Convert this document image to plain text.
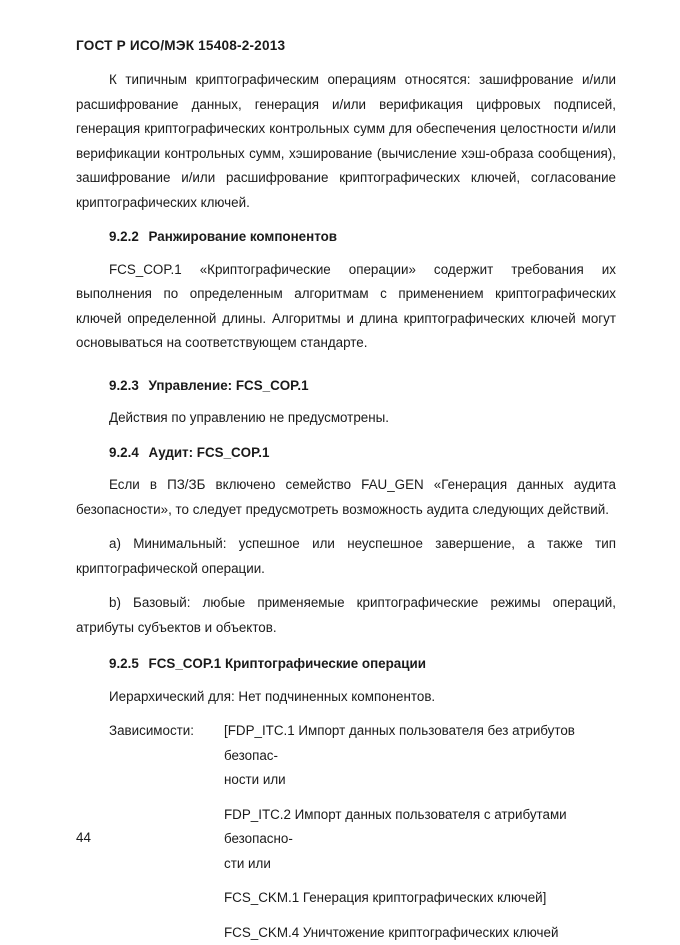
ГОСТ Р ИСО/МЭК 15408-2-2013

К типичным криптографическим операциям относятся: зашифрование и/или расшифрование данных, генерация и/или верификация цифровых подписей, генерация криптографических контрольных сумм для обеспечения целостности и/или верификации контрольных сумм, хэширование (вычисление хэш-образа сообщения), зашифрование и/или расшифрование криптографических ключей, согласование криптографических ключей.

9.2.2 Ранжирование компонентов

FCS_COP.1 «Криптографические операции» содержит требования их выполнения по определенным алгоритмам с применением криптографических ключей определенной длины. Алгоритмы и длина криптографических ключей могут основываться на соответствующем стандарте.

9.2.3 Управление: FCS_COP.1

Действия по управлению не предусмотрены.

9.2.4 Аудит: FCS_COP.1

Если в ПЗ/ЗБ включено семейство FAU_GEN «Генерация данных аудита безопасности», то следует предусмотреть возможность аудита следующих действий.

a) Минимальный: успешное или неуспешное завершение, а также тип криптографической операции.

b) Базовый: любые применяемые криптографические режимы операций, атрибуты субъектов и объектов.

9.2.5 FCS_COP.1 Криптографические операции

Иерархический для: Нет подчиненных компонентов.

Зависимости:	[FDP_ITC.1 Импорт данных пользователя без атрибутов безопас-

ности или

FDP_ITC.2 Импорт данных пользователя с атрибутами безопасно-

сти или

FCS_CKM.1 Генерация криптографических ключей]

FCS_CKM.4 Уничтожение криптографических ключей

44
